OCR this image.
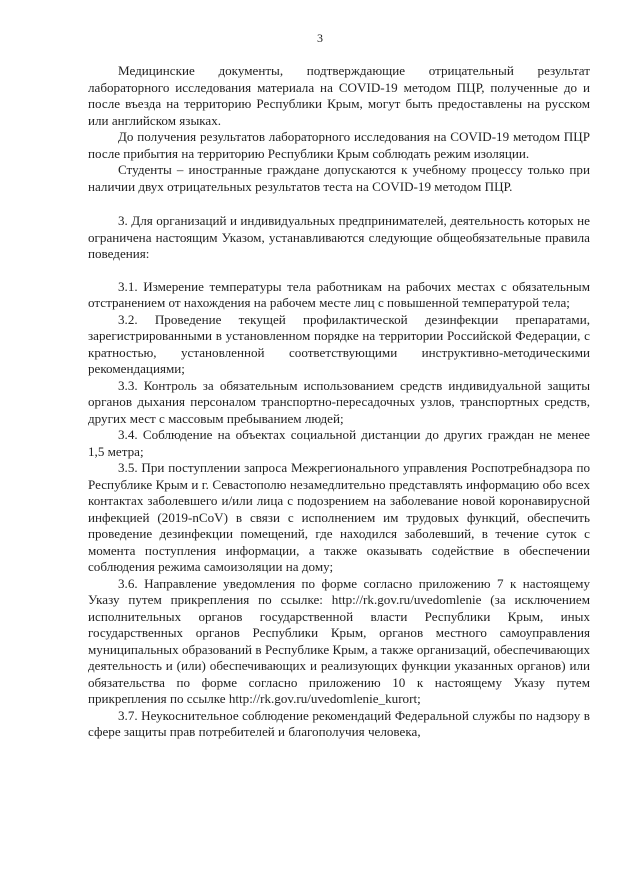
3

Медицинские документы, подтверждающие отрицательный результат лабораторного исследования материала на COVID-19 методом ПЦР, полученные до и после въезда на территорию Республики Крым, могут быть предоставлены на русском или английском языках.

До получения результатов лабораторного исследования на COVID-19 методом ПЦР после прибытия на территорию Республики Крым соблюдать режим изоляции.

Студенты – иностранные граждане допускаются к учебному процессу только при наличии двух отрицательных результатов теста на COVID-19 методом ПЦР.

3. Для организаций и индивидуальных предпринимателей, деятельность которых не ограничена настоящим Указом, устанавливаются следующие общеобязательные правила поведения:

3.1. Измерение температуры тела работникам на рабочих местах с обязательным отстранением от нахождения на рабочем месте лиц с повышенной температурой тела;

3.2. Проведение текущей профилактической дезинфекции препаратами, зарегистрированными в установленном порядке на территории Российской Федерации, с кратностью, установленной соответствующими инструктивно-методическими рекомендациями;

3.3. Контроль за обязательным использованием средств индивидуальной защиты органов дыхания персоналом транспортно-пересадочных узлов, транспортных средств, других мест с массовым пребыванием людей;

3.4. Соблюдение на объектах социальной дистанции до других граждан не менее 1,5 метра;

3.5. При поступлении запроса Межрегионального управления Роспотребнадзора по Республике Крым и г. Севастополю незамедлительно представлять информацию обо всех контактах заболевшего и/или лица с подозрением на заболевание новой коронавирусной инфекцией (2019-nCoV) в связи с исполнением им трудовых функций, обеспечить проведение дезинфекции помещений, где находился заболевший, в течение суток с момента поступления информации, а также оказывать содействие в обеспечении соблюдения режима самоизоляции на дому;

3.6. Направление уведомления по форме согласно приложению 7 к настоящему Указу путем прикрепления по ссылке: http://rk.gov.ru/uvedomlenie (за исключением исполнительных органов государственной власти Республики Крым, иных государственных органов Республики Крым, органов местного самоуправления муниципальных образований в Республике Крым, а также организаций, обеспечивающих деятельность и (или) обеспечивающих и реализующих функции указанных органов) или обязательства по форме согласно приложению 10 к настоящему Указу путем прикрепления по ссылке http://rk.gov.ru/uvedomlenie_kurort;

3.7. Неукоснительное соблюдение рекомендаций Федеральной службы по надзору в сфере защиты прав потребителей и благополучия человека,
